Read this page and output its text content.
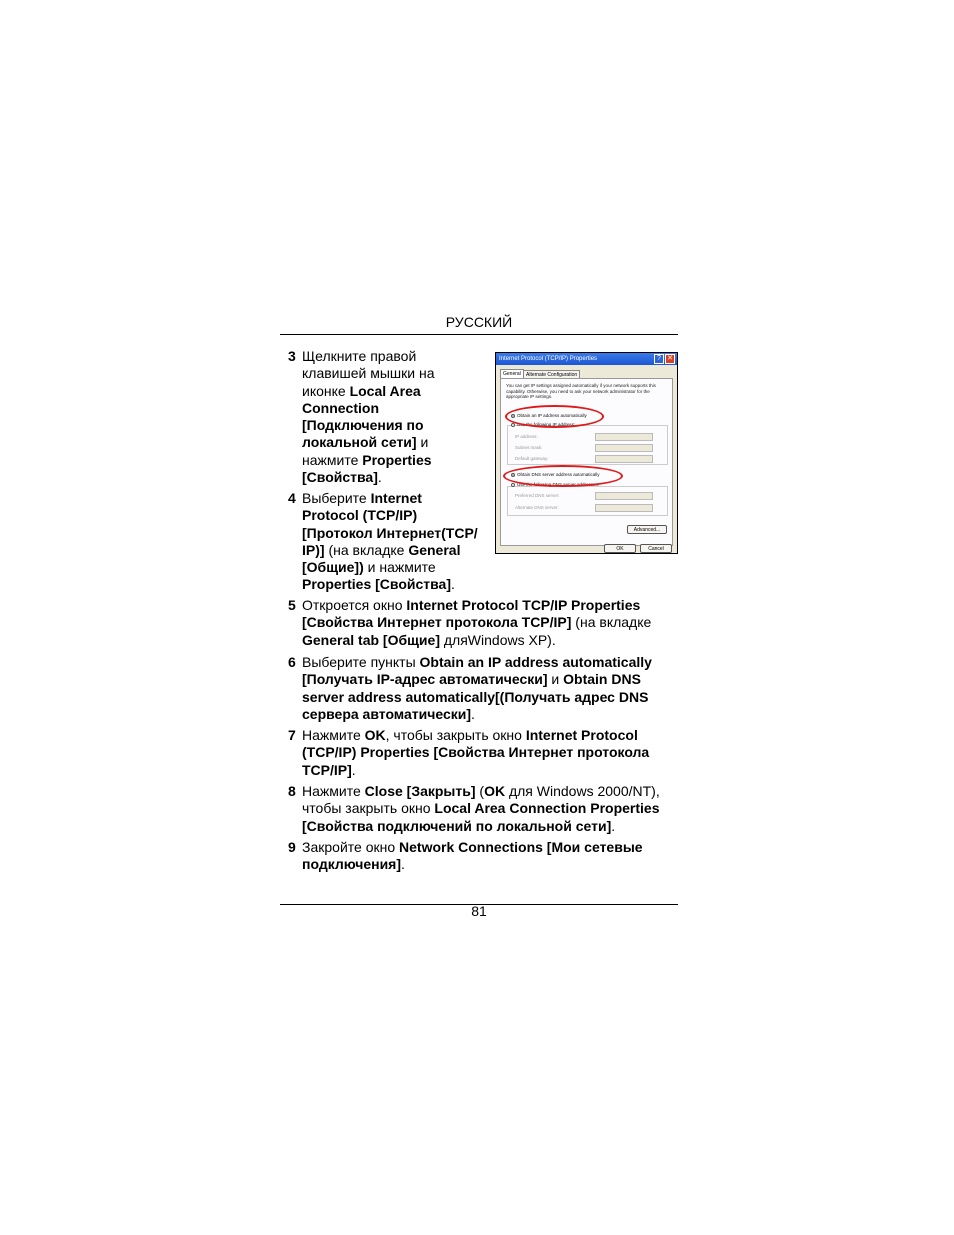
РУССКИЙ
3 Щелкните правой
клавишей мышки на
иконке Local Area
Connection
[Подключения по
локальной сети] и
нажмите Properties
[Свойства].
4 Выберите Internet
Protocol (TCP/IP)
[Протокол Интернет(TCP/
IP)] (на вкладке General
[Общие]) и нажмите
Properties [Свойства].
5 Откроется окно Internet Protocol TCP/IP Properties
[Свойства Интернет протокола TCP/IP] (на вкладке
General tab [Общие] дляWindows XP).
6 Выберите пункты Obtain an IP address automatically
[Получать IP-адрес автоматически] и Obtain DNS
server address automatically[(Получать адрес DNS
сервера автоматически].
7 Нажмите OK, чтобы закрыть окно Internet Protocol
(TCP/IP) Properties [Свойства Интернет протокола
TCP/IP].
8 Нажмите Close [Закрыть] (OK для Windows 2000/NT),
чтобы закрыть окно Local Area Connection Properties
[Свойства подключений по локальной сети].
9 Закройте окно Network Connections [Мои сетевые
подключения].
Internet Protocol (TCP/IP) Properties	? ✕
General	Alternate Configuration
You can get IP settings assigned automatically if your network supports this capability. Otherwise, you need to ask your network administrator for the appropriate IP settings.
Obtain an IP address automatically
Use the following IP address:
IP address:
Subnet mask:
Default gateway:
Obtain DNS server address automatically
Use the following DNS server addresses:
Preferred DNS server:
Alternate DNS server:
Advanced...
OK	Cancel
81
